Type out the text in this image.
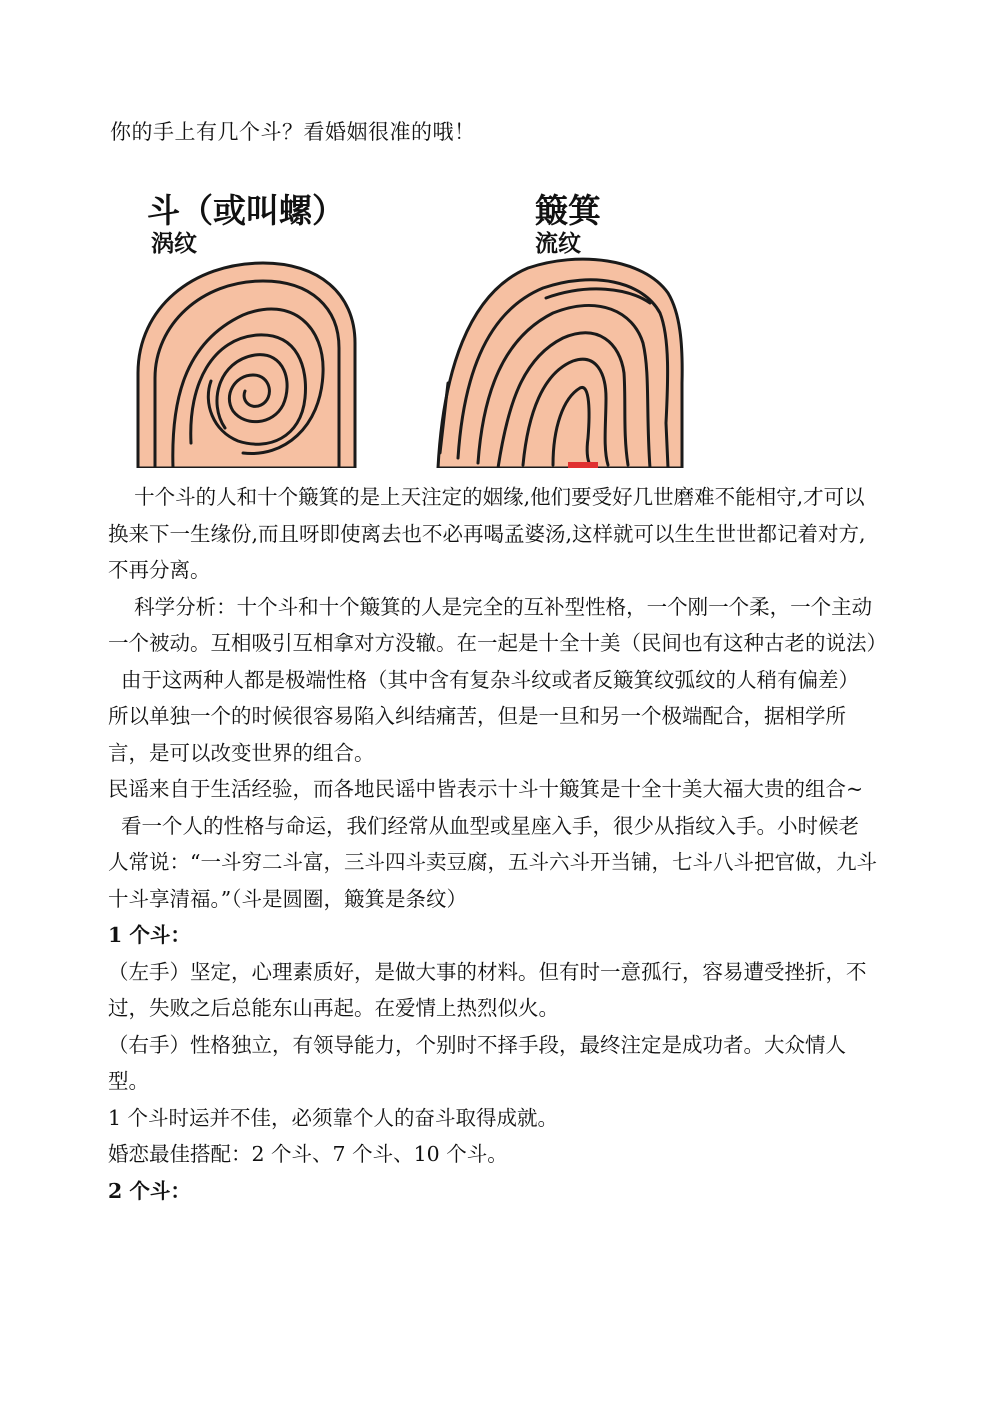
你的手上有几个斗？看婚姻很准的哦！
斗（或叫螺）
涡纹
簸箕
流纹

十个斗的人和十个簸箕的是上天注定的姻缘,他们要受好几世磨难不能相守,才可以换来下一生缘份,而且呀即使离去也不必再喝孟婆汤,这样就可以生生世世都记着对方,不再分离。

科学分析：十个斗和十个簸箕的人是完全的互补型性格，一个刚一个柔，一个主动一个被动。互相吸引互相拿对方没辙。在一起是十全十美（民间也有这种古老的说法）

由于这两种人都是极端性格（其中含有复杂斗纹或者反簸箕纹弧纹的人稍有偏差）所以单独一个的时候很容易陷入纠结痛苦，但是一旦和另一个极端配合，据相学所言，是可以改变世界的组合。

民谣来自于生活经验，而各地民谣中皆表示十斗十簸箕是十全十美大福大贵的组合~

看一个人的性格与命运，我们经常从血型或星座入手，很少从指纹入手。小时候老人常说：“一斗穷二斗富，三斗四斗卖豆腐，五斗六斗开当铺，七斗八斗把官做，九斗十斗享清福。”（斗是圆圈，簸箕是条纹）

1 个斗：

（左手）坚定，心理素质好，是做大事的材料。但有时一意孤行，容易遭受挫折，不过，失败之后总能东山再起。在爱情上热烈似火。

（右手）性格独立，有领导能力，个别时不择手段，最终注定是成功者。大众情人型。

1 个斗时运并不佳，必须靠个人的奋斗取得成就。

婚恋最佳搭配：2 个斗、7 个斗、10 个斗。

2 个斗：
